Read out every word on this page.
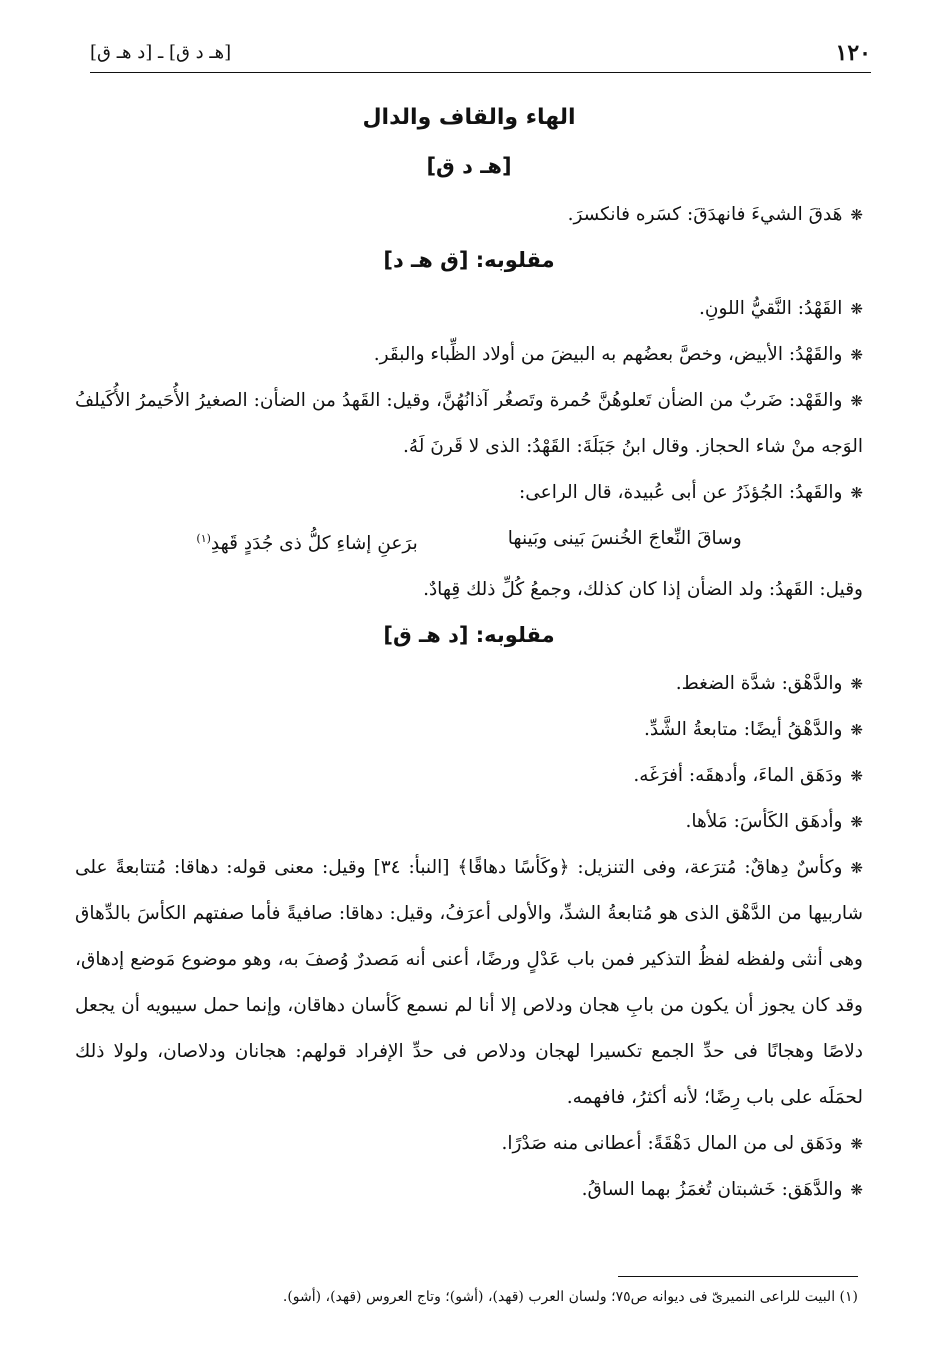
١٢٠
[هـ د ق] ـ [د هـ ق]
الهاء والقاف والدال
[هـ د ق]

❋هَدقَ الشيءَ فانهدَقَ: كسَره فانكسرَ.

مقلوبه: [ق هـ د]

❋القَهْدُ: النَّقيُّ اللونِ.

❋والقَهْدُ: الأبيض، وخصَّ بعضُهم به البيضَ من أولاد الظِّباء والبقَر.

❋والقَهْد: ضَربٌ من الضأن تَعلوهُنَّ حُمرة وتَصغُر آذانُهُنَّ، وقيل: القَهدُ من الضأن: الصغيرُ الأُحَيمرُ الأُكَيلفُ الوَجه منْ شاء الحجاز. وقال ابنُ جَبَلَةَ: القَهْدُ: الذى لا قَرنَ لَهُ.

❋والقَهدُ: الجُؤذَرُ عن أبى عُبيدة، قال الراعى:

وساقَ النِّعاجَ الخُنسَ بَينى وبَينها
برَعنِ إشاءِ كلُّ ذى جُدَدٍ قَهدِ$^{(١)}$

وقيل: القَهدُ: ولد الضأن إذا كان كذلك، وجمعُ كُلِّ ذلك قِهادٌ.

مقلوبه: [د هـ ق]

❋والدَّهْق: شدَّة الضغط.

❋والدَّهْقُ أيضًا: متابعةُ الشَّدِّ.

❋ودَهَق الماءَ، وأدهقَه: أفرَغَه.

❋وأدهَق الكَأسَ: مَلأها.

❋وكأسٌ دِهاقٌ: مُترَعة، وفى التنزيل: ﴿وكَأسًا دهاقًا﴾ [النبأ: ٣٤] وقيل: معنى قوله: دهاقا: مُتتابعةً على شاربيها من الدَّهْق الذى هو مُتابعةُ الشدِّ، والأولى أعرَفُ، وقيل: دهاقا: صافيةً فأما صفتهم الكأسَ بالدِّهاق وهى أنثى ولفظه لفظُ التذكير فمن باب عَدْلٍ ورضًا، أعنى أنه مَصدرٌ وُصفَ به، وهو موضوع مَوضع إدهاق، وقد كان يجوز أن يكون من بابِ هجان ودلاص إلا أنا لم نسمع كَأسان دهاقان، وإنما حمل سيبويه أن يجعل دلاصًا وهجانًا فى حدِّ الجمع تكسيرا لهجان ودلاص فى حدِّ الإفراد قولهم: هجانان ودلاصان، ولولا ذلك لحمَلَه على باب رِضًا؛ لأنه أكثرُ، فافهمه.

❋ودَهَق لى من المال دَهْقَةً: أعطانى منه صَدْرًا.

❋والدَّهَق: خَشبتان تُغمَزُ بهما الساقُ.

(١) البيت للراعى النميرىّ فى ديوانه ص٧٥؛ ولسان العرب (قهد)، (أشو)؛ وتاج العروس (قهد)، (أشو).
